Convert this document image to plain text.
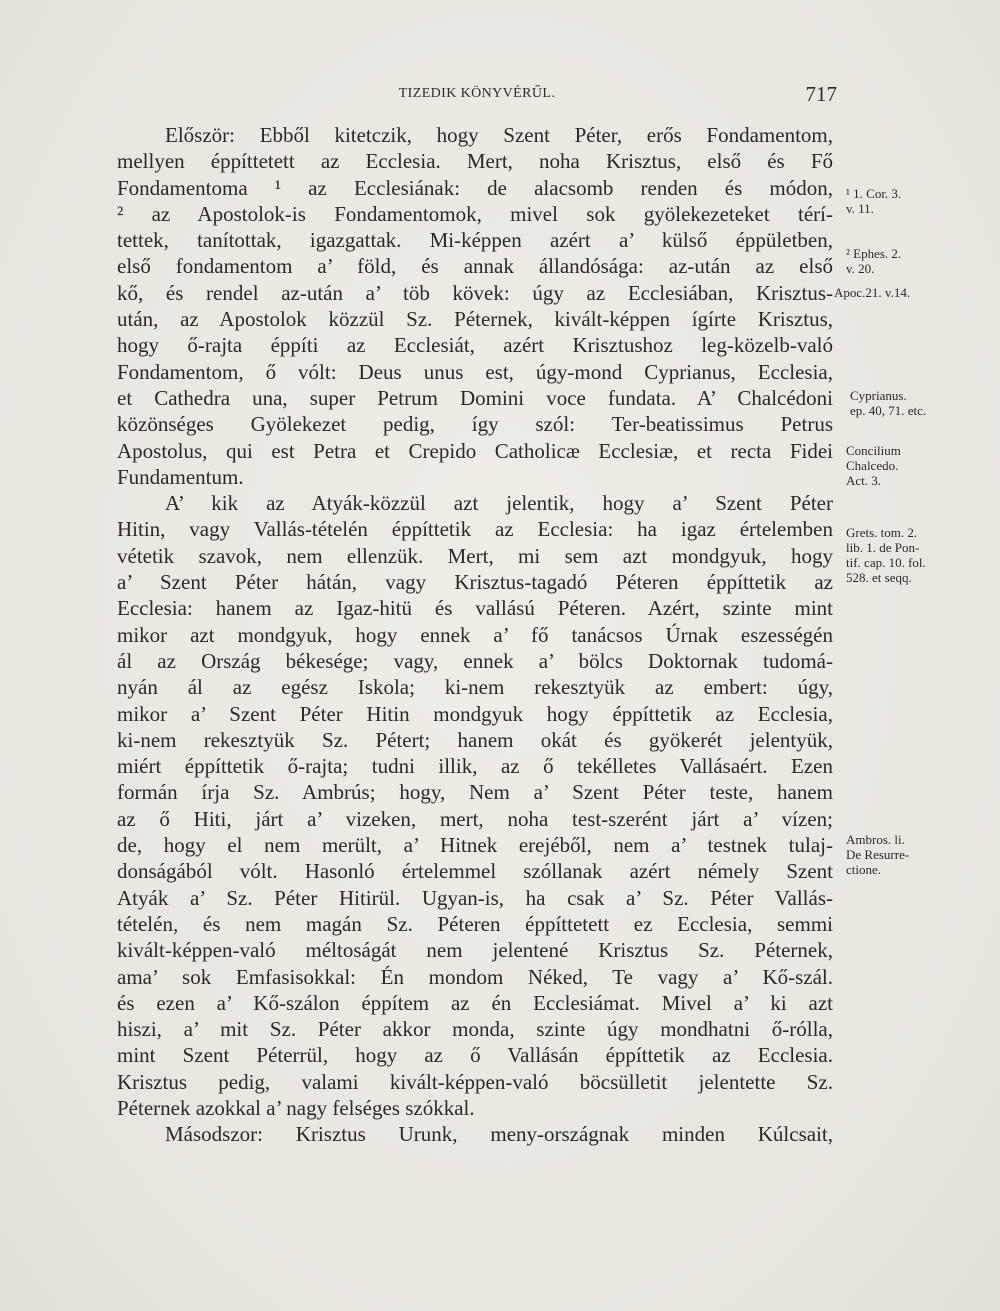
TIZEDIK KÖNYVÉRŰL.	717
Először: Ebből kitetczik, hogy Szent Péter, erős Fondamentom,
mellyen éppíttetett az Ecclesia. Mert, noha Krisztus, első és Fő
Fondamentoma ¹ az Ecclesiának: de alacsomb renden és módon,
² az Apostolok-is Fondamentomok, mivel sok gyölekezeteket térí-
tettek, tanítottak, igazgattak. Mi-képpen azért a’ külső éppületben,
első fondamentom a’ föld, és annak állandósága: az-után az első
kő, és rendel az-után a’ töb kövek: úgy az Ecclesiában, Krisztus-
után, az Apostolok közzül Sz. Péternek, kivált-képpen ígírte Krisztus,
hogy ő-rajta éppíti az Ecclesiát, azért Krisztushoz leg-közelb-való
Fondamentom, ő vólt: Deus unus est, úgy-mond Cyprianus, Ecclesia,
et Cathedra una, super Petrum Domini voce fundata. A’ Chalcédoni
közönséges Gyölekezet pedig, így szól: Ter-beatissimus Petrus
Apostolus, qui est Petra et Crepido Catholicæ Ecclesiæ, et recta Fidei
Fundamentum.
A’ kik az Atyák-közzül azt jelentik, hogy a’ Szent Péter
Hitin, vagy Vallás-tételén éppíttetik az Ecclesia: ha igaz értelemben
vétetik szavok, nem ellenzük. Mert, mi sem azt mondgyuk, hogy
a’ Szent Péter hátán, vagy Krisztus-tagadó Péteren éppíttetik az
Ecclesia: hanem az Igaz-hitü és vallású Péteren. Azért, szinte mint
mikor azt mondgyuk, hogy ennek a’ fő tanácsos Úrnak eszességén
ál az Ország békesége; vagy, ennek a’ bölcs Doktornak tudomá-
nyán ál az egész Iskola; ki-nem rekesztyük az embert: úgy,
mikor a’ Szent Péter Hitin mondgyuk hogy éppíttetik az Ecclesia,
ki-nem rekesztyük Sz. Pétert; hanem okát és gyökerét jelentyük,
miért éppíttetik ő-rajta; tudni illik, az ő tekélletes Vallásaért. Ezen
formán írja Sz. Ambrús; hogy, Nem a’ Szent Péter teste, hanem
az ő Hiti, járt a’ vizeken, mert, noha test-szerént járt a’ vízen;
de, hogy el nem merült, a’ Hitnek erejéből, nem a’ testnek tulaj-
donságából vólt. Hasonló értelemmel szóllanak azért némely Szent
Atyák a’ Sz. Péter Hitirül. Ugyan-is, ha csak a’ Sz. Péter Vallás-
tételén, és nem magán Sz. Péteren éppíttetett ez Ecclesia, semmi
kivált-képpen-való méltoságát nem jelentené Krisztus Sz. Péternek,
ama’ sok Emfasisokkal: Én mondom Néked, Te vagy a’ Kő-szál.
és ezen a’ Kő-szálon éppítem az én Ecclesiámat. Mivel a’ ki azt
hiszi, a’ mit Sz. Péter akkor monda, szinte úgy mondhatni ő-rólla,
mint Szent Péterrül, hogy az ő Vallásán éppíttetik az Ecclesia.
Krisztus pedig, valami kivált-képpen-való böcsülletit jelentette Sz.
Péternek azokkal a’ nagy felséges szókkal.
Másodszor: Krisztus Urunk, meny-országnak minden Kúlcsait,
¹ 1. Cor. 3.
v. 11.
² Ephes. 2.
v. 20.
Apoc.21. v.14.
Cyprianus.
ep. 40, 71. etc.
Concilium
Chalcedo.
Act. 3.
Grets. tom. 2.
lib. 1. de Pon-
tif. cap. 10. fol.
528. et seqq.
Ambros. li.
De Resurre-
ctione.
